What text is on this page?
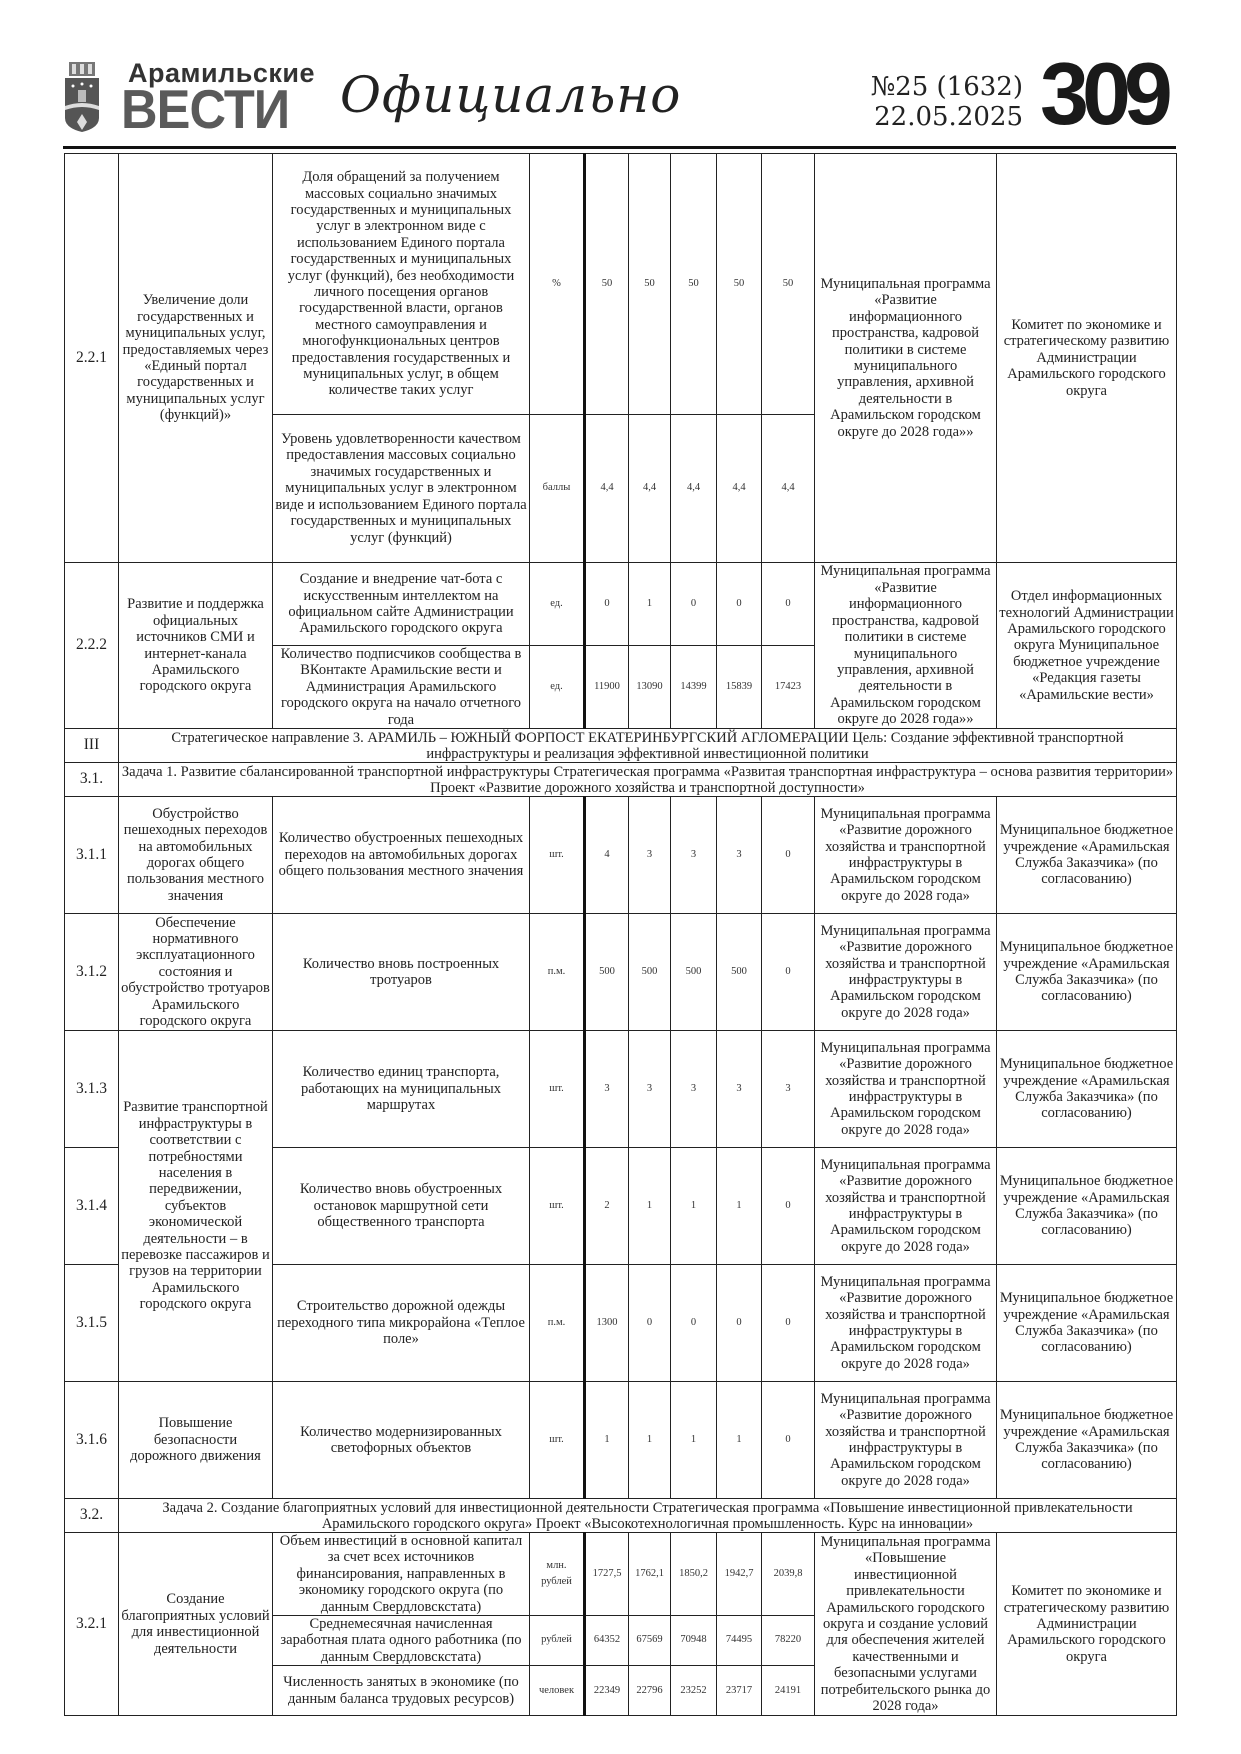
Арамильские
ВЕСТИ Официально	№25 (1632)
22.05.2025 309
2.2.1	Увеличение доли государственных и муниципальных услуг, предоставляемых через «Единый портал государственных и муниципальных услуг (функций)»	Доля обращений за получением массовых социально значимых государственных и муниципальных услуг в электронном виде с использованием Единого портала государственных и муниципальных услуг (функций), без необходимости личного посещения органов государственной власти, органов местного самоуправления и многофункциональных центров предоставления государственных и муниципальных услуг, в общем количестве таких услуг	%	50	50	50	50	50	Муниципальная программа «Развитие информационного пространства, кадровой политики в системе муниципального управления, архивной деятельности в Арамильском городском округе до 2028 года»»	Комитет по экономике и стратегическому развитию Администрации Арамильского городского округа
		Уровень удовлетворенности качеством предоставления массовых социально значимых государственных и муниципальных услуг в электронном виде и использованием Единого портала государственных и муниципальных услуг (функций)	баллы	4,4	4,4	4,4	4,4	4,4		
2.2.2	Развитие и поддержка официальных источников СМИ и интернет-канала Арамильского городского округа	Создание и внедрение чат-бота с искусственным интеллектом на официальном сайте Администрации Арамильского городского округа	ед.	0	1	0	0	0	Муниципальная программа «Развитие информационного пространства, кадровой политики в системе муниципального управления, архивной деятельности в Арамильском городском округе до 2028 года»»	Отдел информационных технологий Администрации Арамильского городского округа Муниципальное бюджетное учреждение «Редакция газеты «Арамильские вести»
		Количество подписчиков сообщества в ВКонтакте Арамильские вести и Администрация Арамильского городского округа на начало отчетного года	ед.	11900	13090	14399	15839	17423		
III	Стратегическое направление 3. АРАМИЛЬ – ЮЖНЫЙ ФОРПОСТ ЕКАТЕРИНБУРГСКИЙ АГЛОМЕРАЦИИ Цель: Создание эффективной транспортной инфраструктуры и реализация эффективной инвестиционной политики									
3.1.	Задача 1. Развитие сбалансированной транспортной инфраструктуры Стратегическая программа «Развитая транспортная инфраструктура – основа развития территории» Проект «Развитие дорожного хозяйства и транспортной доступности»									
3.1.1	Обустройство пешеходных переходов на автомобильных дорогах общего пользования местного значения	Количество обустроенных пешеходных переходов на автомобильных дорогах общего пользования местного значения	шт.	4	3	3	3	0	Муниципальная программа «Развитие дорожного хозяйства и транспортной инфраструктуры в Арамильском городском округе до 2028 года»	Муниципальное бюджетное учреждение «Арамильская Служба Заказчика» (по согласованию)
3.1.2	Обеспечение нормативного эксплуатационного состояния и обустройство тротуаров Арамильского городского округа	Количество вновь построенных тротуаров	п.м.	500	500	500	500	0	Муниципальная программа «Развитие дорожного хозяйства и транспортной инфраструктуры в Арамильском городском округе до 2028 года»	Муниципальное бюджетное учреждение «Арамильская Служба Заказчика» (по согласованию)
3.1.3	Развитие транспортной инфраструктуры в соответствии с потребностями населения в передвижении, субъектов экономической деятельности – в перевозке пассажиров и грузов на территории Арамильского городского округа	Количество единиц транспорта, работающих на муниципальных маршрутах	шт.	3	3	3	3	3	Муниципальная программа «Развитие дорожного хозяйства и транспортной инфраструктуры в Арамильском городском округе до 2028 года»	Муниципальное бюджетное учреждение «Арамильская Служба Заказчика» (по согласованию)
3.1.4		Количество вновь обустроенных остановок маршрутной сети общественного транспорта	шт.	2	1	1	1	0	Муниципальная программа «Развитие дорожного хозяйства и транспортной инфраструктуры в Арамильском городском округе до 2028 года»	Муниципальное бюджетное учреждение «Арамильская Служба Заказчика» (по согласованию)
3.1.5		Строительство дорожной одежды переходного типа микрорайона «Теплое поле»	п.м.	1300	0	0	0	0	Муниципальная программа «Развитие дорожного хозяйства и транспортной инфраструктуры в Арамильском городском округе до 2028 года»	Муниципальное бюджетное учреждение «Арамильская Служба Заказчика» (по согласованию)
3.1.6	Повышение безопасности дорожного движения	Количество модернизированных светофорных объектов	шт.	1	1	1	1	0	Муниципальная программа «Развитие дорожного хозяйства и транспортной инфраструктуры в Арамильском городском округе до 2028 года»	Муниципальное бюджетное учреждение «Арамильская Служба Заказчика» (по согласованию)
3.2.	Задача 2. Создание благоприятных условий для инвестиционной деятельности Стратегическая программа «Повышение инвестиционной привлекательности Арамильского городского округа» Проект «Высокотехнологичная промышленность. Курс на инновации»									
3.2.1	Создание благоприятных условий для инвестиционной деятельности	Объем инвестиций в основной капитал за счет всех источников финансирования, направленных в экономику городского округа (по данным Свердловскстата)	млн. рублей	1727,5	1762,1	1850,2	1942,7	2039,8	Муниципальная программа «Повышение инвестиционной привлекательности Арамильского городского округа и создание условий для обеспечения жителей качественными и безопасными услугами потребительского рынка до 2028 года»	Комитет по экономике и стратегическому развитию Администрации Арамильского городского округа
		Среднемесячная начисленная заработная плата одного работника (по данным Свердловскстата)	рублей	64352	67569	70948	74495	78220		
		Численность занятых в экономике (по данным баланса трудовых ресурсов)	человек	22349	22796	23252	23717	24191		
